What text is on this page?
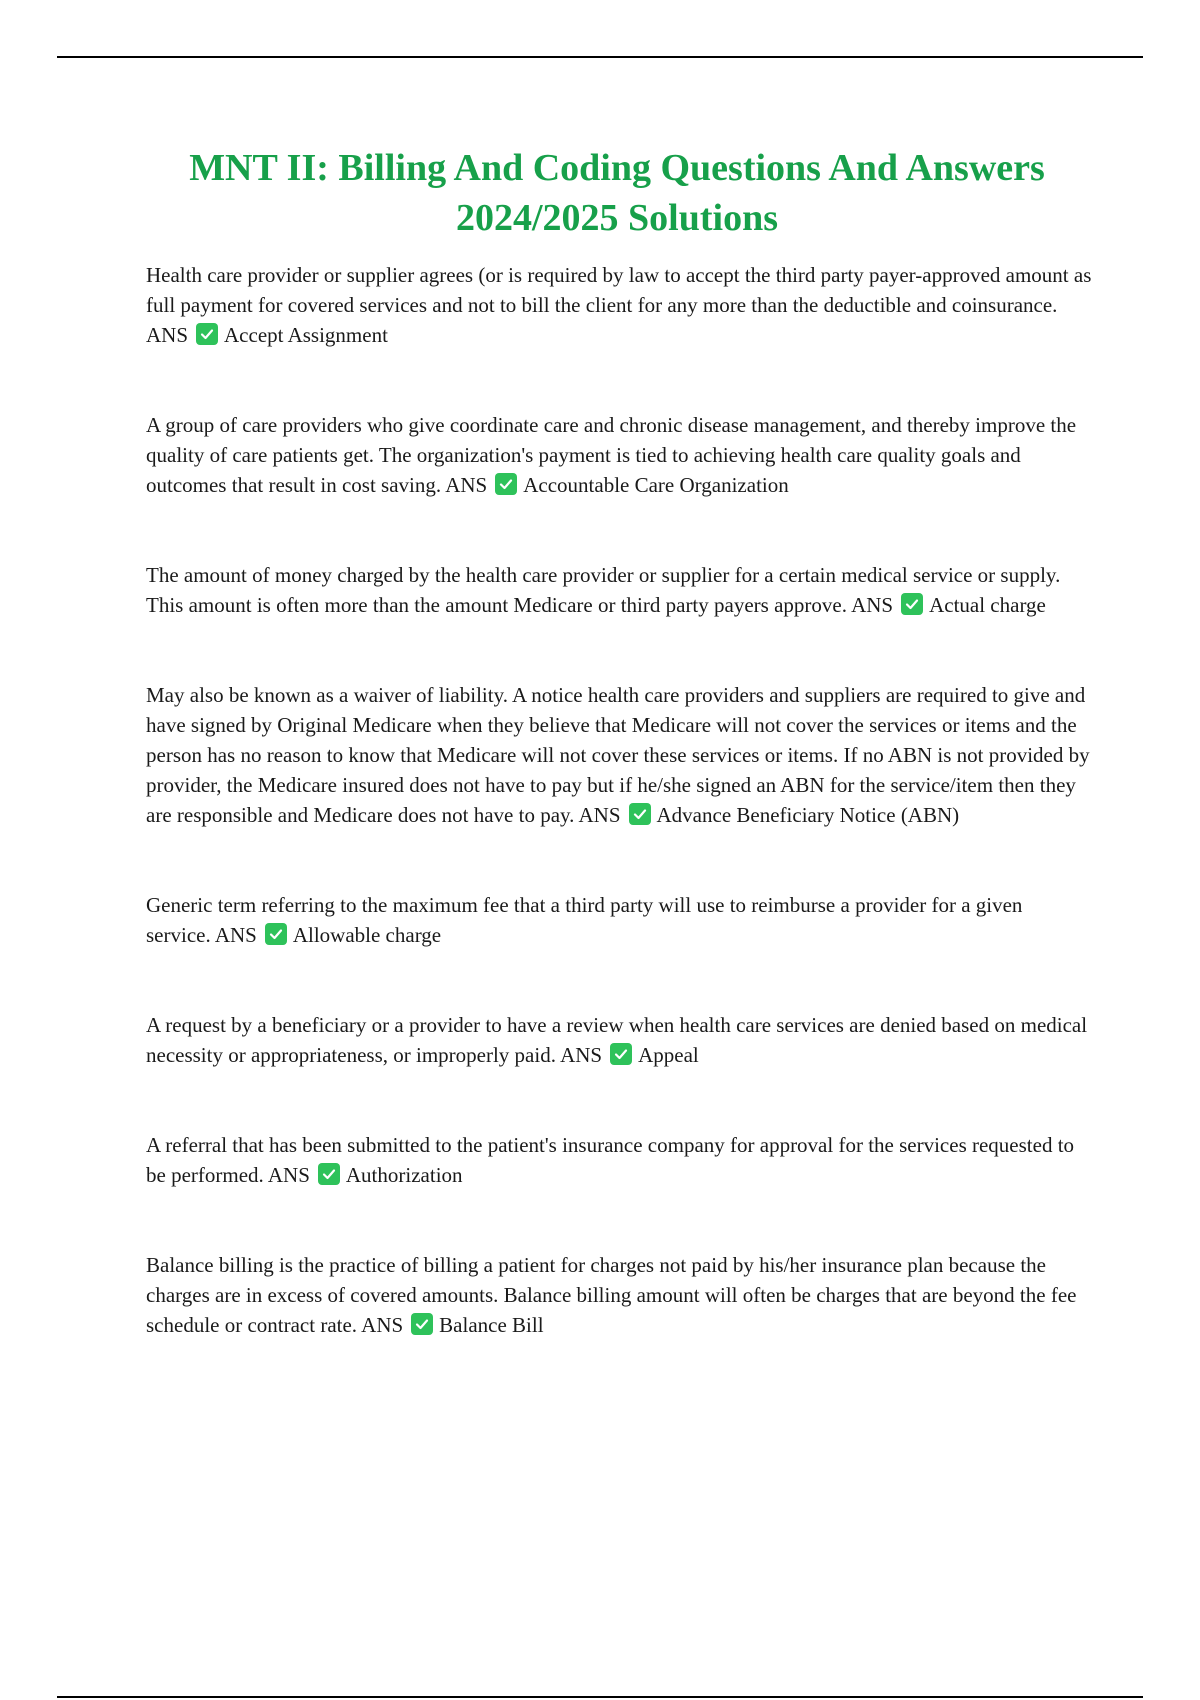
MNT II: Billing And Coding Questions And Answers 2024/2025 Solutions
Health care provider or supplier agrees (or is required by law to accept the third party payer-approved amount as full payment for covered services and not to bill the client for any more than the deductible and coinsurance. ANS Accept Assignment
A group of care providers who give coordinate care and chronic disease management, and thereby improve the quality of care patients get. The organization's payment is tied to achieving health care quality goals and outcomes that result in cost saving. ANS Accountable Care Organization
The amount of money charged by the health care provider or supplier for a certain medical service or supply. This amount is often more than the amount Medicare or third party payers approve. ANS Actual charge
May also be known as a waiver of liability. A notice health care providers and suppliers are required to give and have signed by Original Medicare when they believe that Medicare will not cover the services or items and the person has no reason to know that Medicare will not cover these services or items. If no ABN is not provided by provider, the Medicare insured does not have to pay but if he/she signed an ABN for the service/item then they are responsible and Medicare does not have to pay. ANS Advance Beneficiary Notice (ABN)
Generic term referring to the maximum fee that a third party will use to reimburse a provider for a given service. ANS Allowable charge
A request by a beneficiary or a provider to have a review when health care services are denied based on medical necessity or appropriateness, or improperly paid. ANS Appeal
A referral that has been submitted to the patient's insurance company for approval for the services requested to be performed. ANS Authorization
Balance billing is the practice of billing a patient for charges not paid by his/her insurance plan because the charges are in excess of covered amounts. Balance billing amount will often be charges that are beyond the fee schedule or contract rate. ANS Balance Bill
